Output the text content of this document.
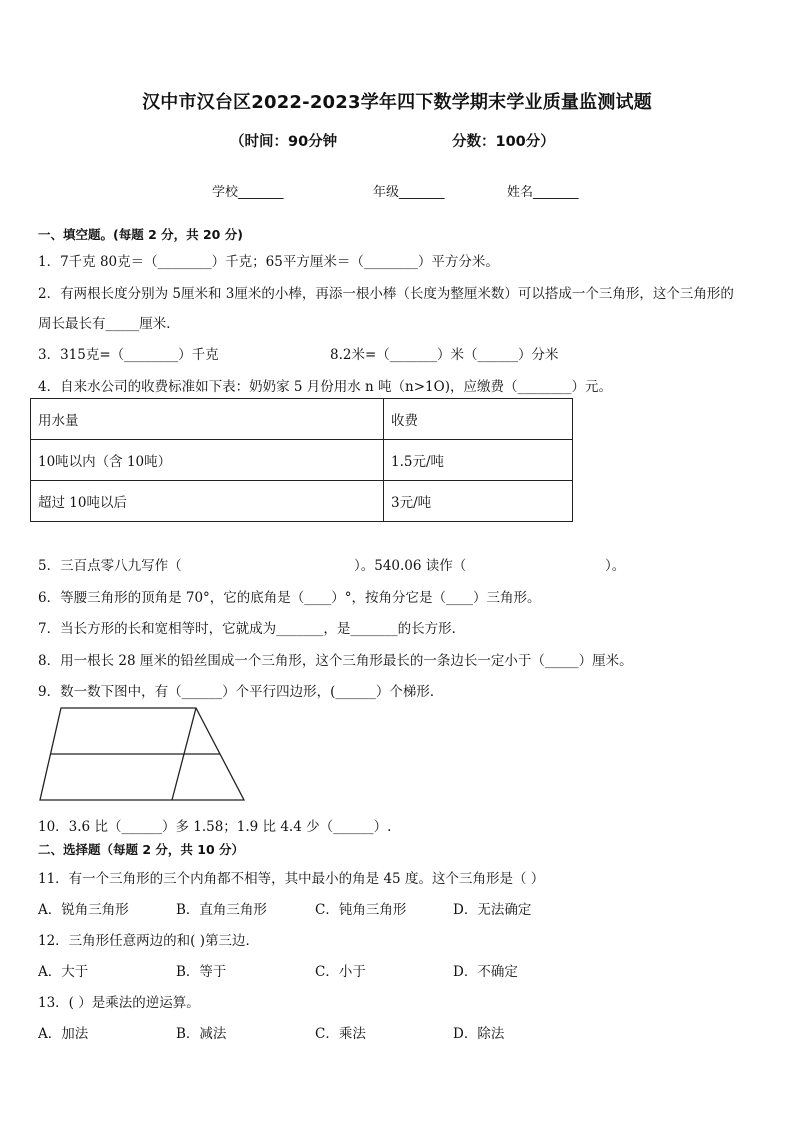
汉中市汉台区2022-2023学年四下数学期末学业质量监测试题
（时间：90分钟	分数：100分）
学校_______	年级_______	姓名_______
一、填空题。(每题 2 分，共 20 分)
1．7千克 80克＝（________）千克；65平方厘米＝（________）平方分米。
2．有两根长度分别为 5厘米和 3厘米的小棒，再添一根小棒（长度为整厘米数）可以搭成一个三角形，这个三角形的
周长最长有_____厘米．
3．315克=（________）千克	8.2米=（_______）米（______）分米
4．自来水公司的收费标准如下表：奶奶家 5 月份用水 n 吨（n>1O)，应缴费（________）元。
用水量	收费
10吨以内（含 10吨）	1.5元/吨
超过 10吨以后	3元/吨
5．三百点零八九写作（	）。540.06 读作（	）。
6．等腰三角形的顶角是 70°，它的底角是（____）°，按角分它是（____）三角形。
7．当长方形的长和宽相等时，它就成为_______，是_______的长方形．
8．用一根长 28 厘米的铅丝围成一个三角形，这个三角形最长的一条边长一定小于（_____）厘米。
9．数一数下图中，有（______）个平行四边形，(______）个梯形．
10．3.6 比（______）多 1.58；1.9 比 4.4 少（______）.
二、选择题（每题 2 分，共 10 分）
11．有一个三角形的三个内角都不相等，其中最小的角是 45 度。这个三角形是（ ）
A．锐角三角形	B．直角三角形	C．钝角三角形	D．无法确定
12．三角形任意两边的和( )第三边．
A．大于	B．等于	C．小于	D．不确定
13．( ）是乘法的逆运算。
A．加法	B．减法	C．乘法	D．除法
